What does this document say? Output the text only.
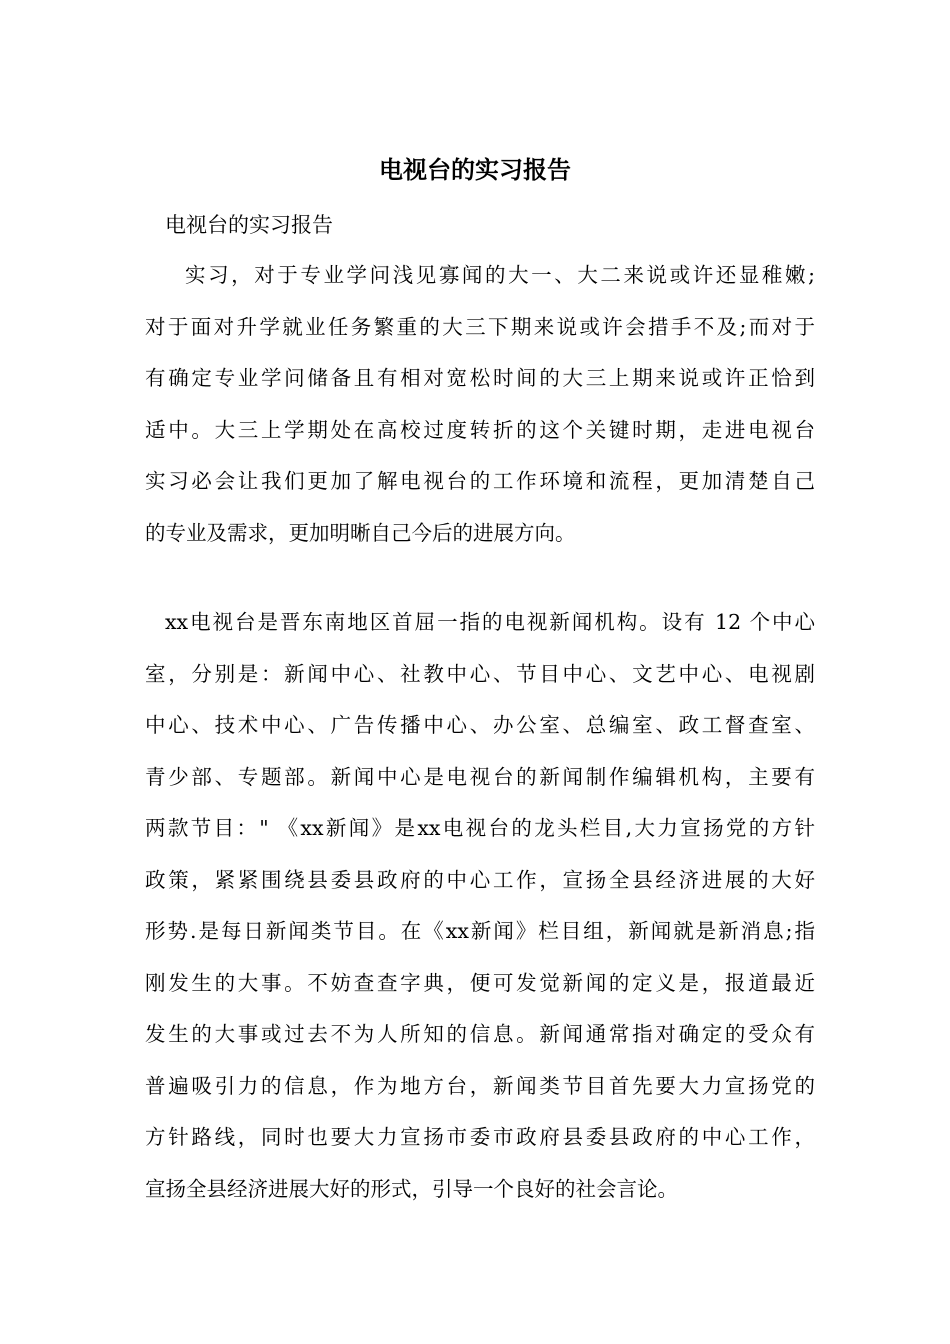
电视台的实习报告
电视台的实习报告
实习，对于专业学问浅见寡闻的大一、大二来说或许还显稚嫩;
对于面对升学就业任务繁重的大三下期来说或许会措手不及;而对于
有确定专业学问储备且有相对宽松时间的大三上期来说或许正恰到
适中。大三上学期处在高校过度转折的这个关键时期，走进电视台
实习必会让我们更加了解电视台的工作环境和流程，更加清楚自己
的专业及需求，更加明晰自己今后的进展方向。
xx电视台是晋东南地区首屈一指的电视新闻机构。设有 12 个中心
室，分别是：新闻中心、社教中心、节目中心、文艺中心、电视剧
中心、技术中心、广告传播中心、办公室、总编室、政工督查室、
青少部、专题部。新闻中心是电视台的新闻制作编辑机构，主要有
两款节目：" 《xx新闻》是xx电视台的龙头栏目,大力宣扬党的方针
政策，紧紧围绕县委县政府的中心工作，宣扬全县经济进展的大好
形势.是每日新闻类节目。在《xx新闻》栏目组，新闻就是新消息;指
刚发生的大事。不妨查查字典，便可发觉新闻的定义是，报道最近
发生的大事或过去不为人所知的信息。新闻通常指对确定的受众有
普遍吸引力的信息，作为地方台，新闻类节目首先要大力宣扬党的
方针路线，同时也要大力宣扬市委市政府县委县政府的中心工作，
宣扬全县经济进展大好的形式，引导一个良好的社会言论。
